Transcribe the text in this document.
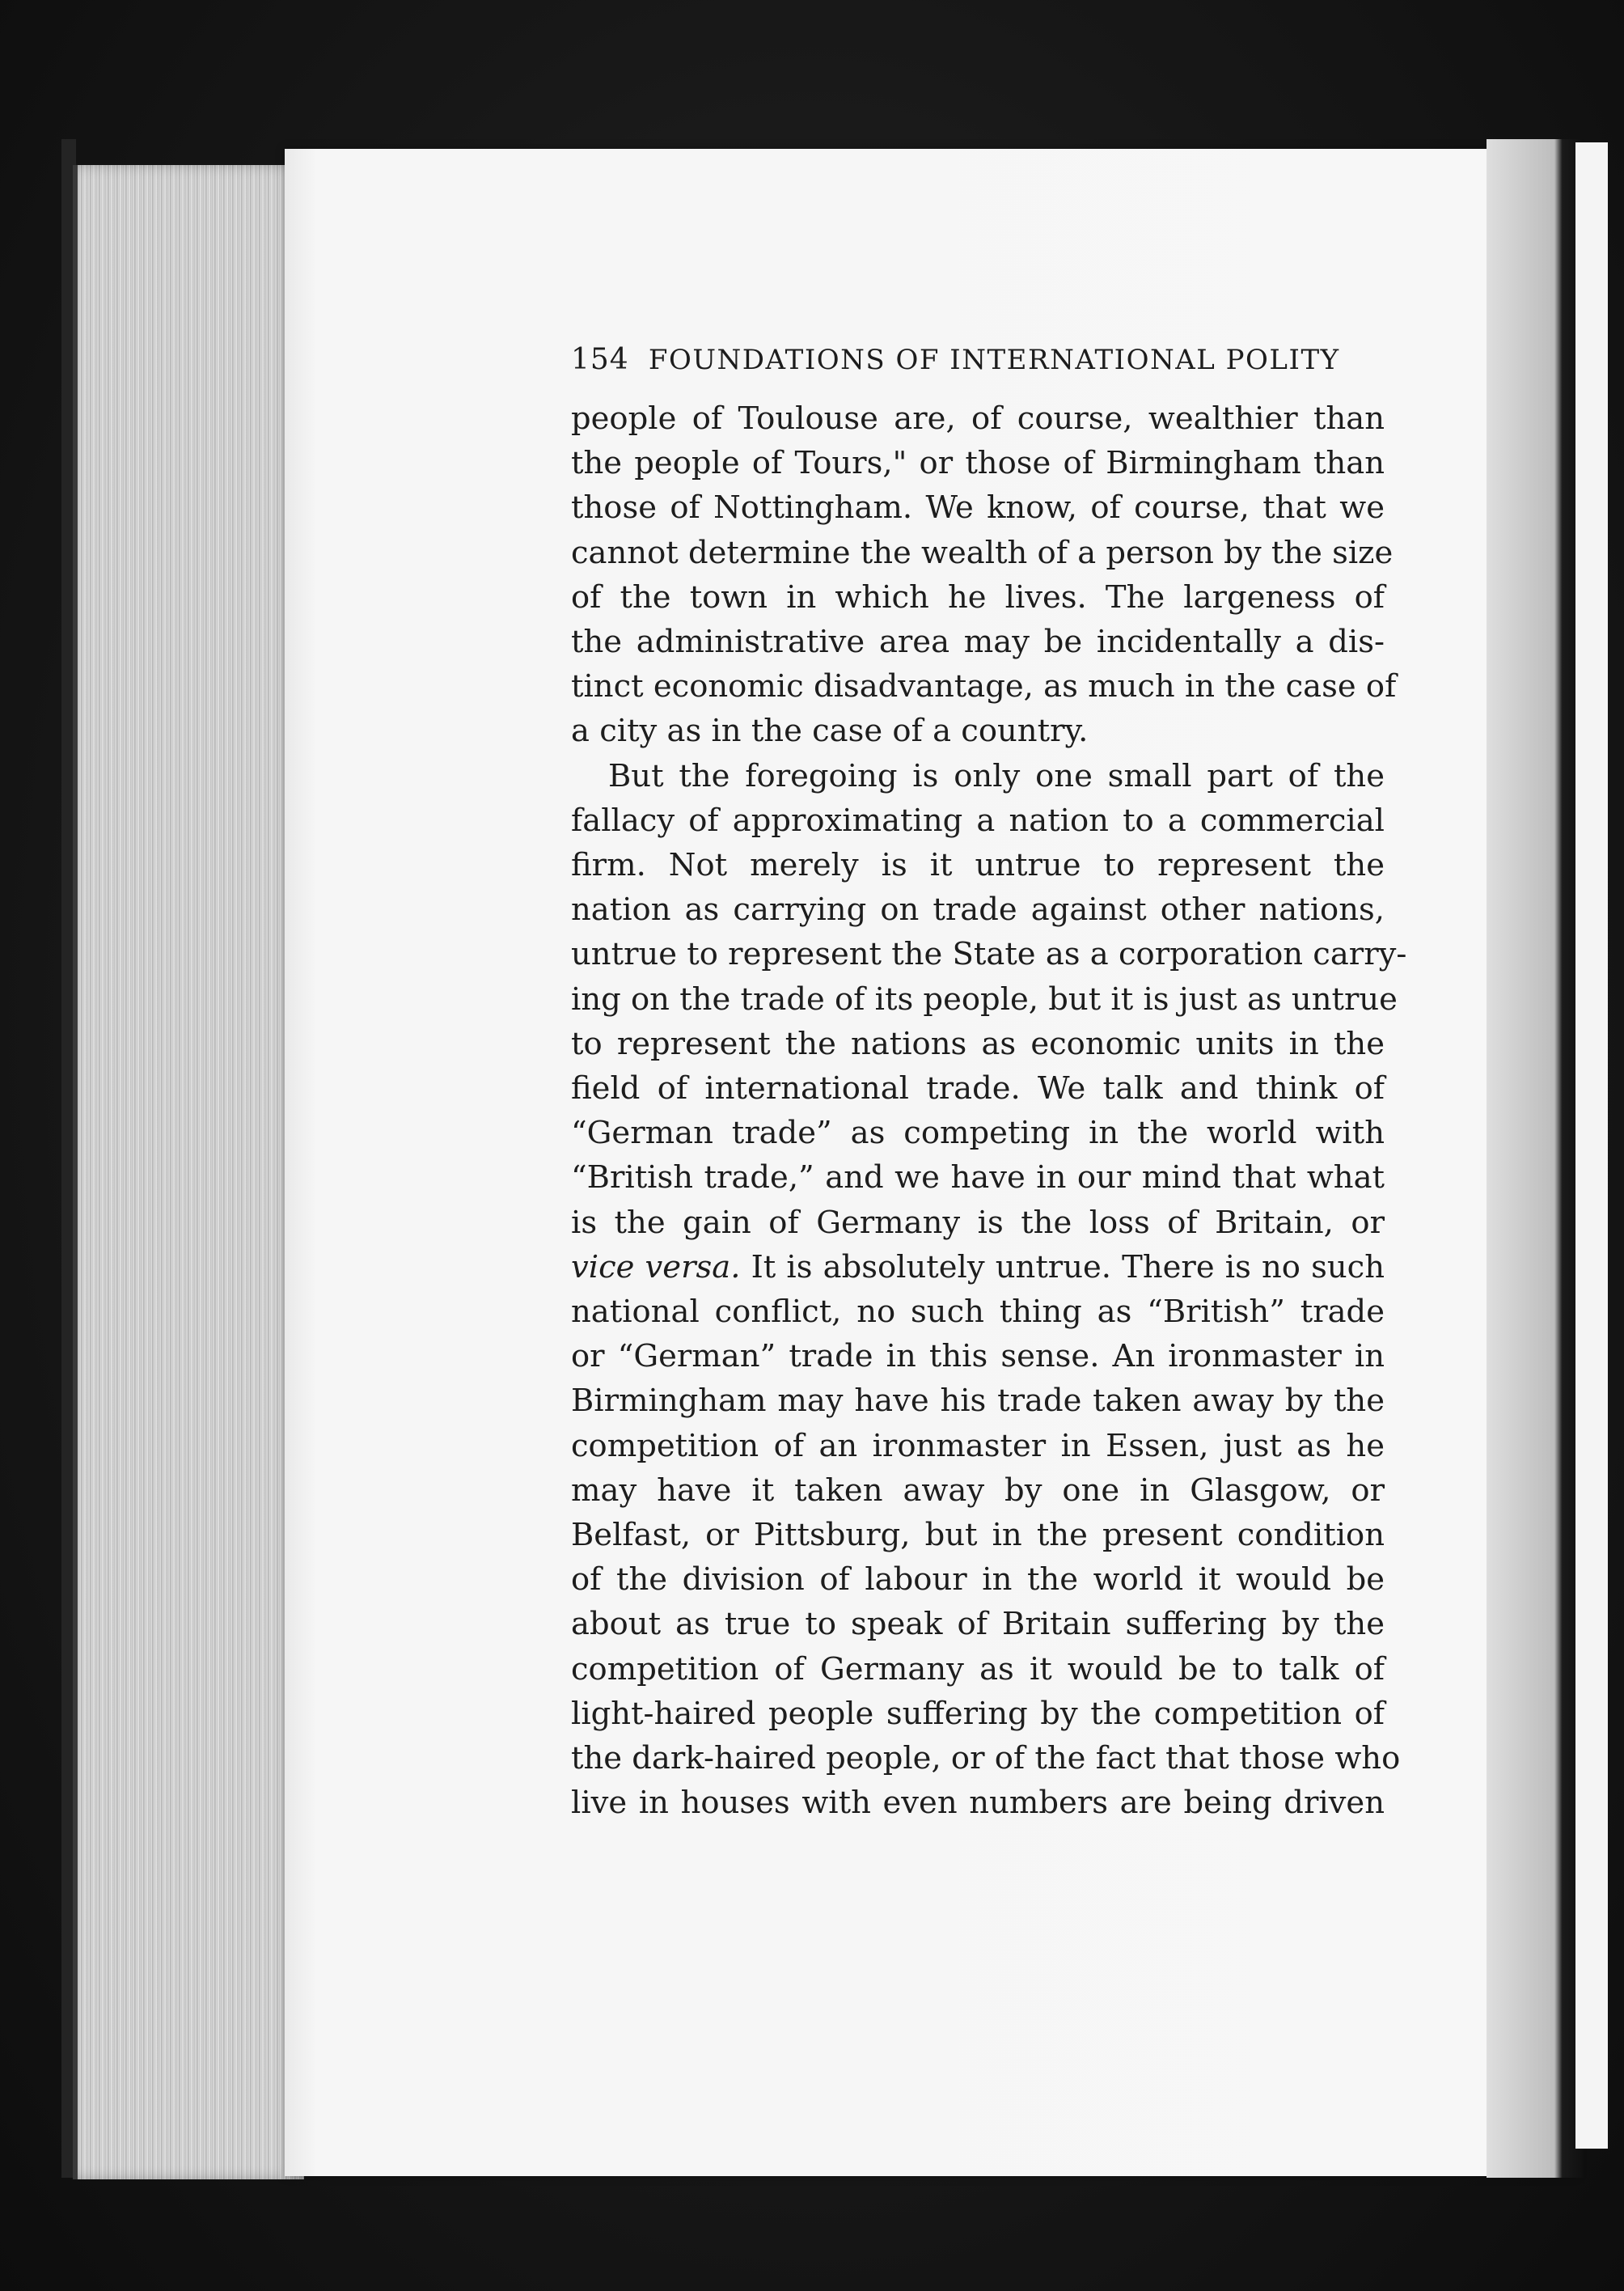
154 FOUNDATIONS OF INTERNATIONAL POLITY

people of Toulouse are, of course, wealthier than
the people of Tours," or those of Birmingham than
those of Nottingham. We know, of course, that we
cannot determine the wealth of a person by the size
of the town in which he lives. The largeness of
the administrative area may be incidentally a dis-
tinct economic disadvantage, as much in the case of
a city as in the case of a country.

But the foregoing is only one small part of the
fallacy of approximating a nation to a commercial
firm. Not merely is it untrue to represent the
nation as carrying on trade against other nations,
untrue to represent the State as a corporation carry-
ing on the trade of its people, but it is just as untrue
to represent the nations as economic units in the
field of international trade. We talk and think of
“German trade” as competing in the world with
“British trade,” and we have in our mind that what
is the gain of Germany is the loss of Britain, or
vice versa. It is absolutely untrue. There is no such
national conflict, no such thing as “British” trade
or “German” trade in this sense. An ironmaster in
Birmingham may have his trade taken away by the
competition of an ironmaster in Essen, just as he
may have it taken away by one in Glasgow, or
Belfast, or Pittsburg, but in the present condition
of the division of labour in the world it would be
about as true to speak of Britain suffering by the
competition of Germany as it would be to talk of
light-haired people suffering by the competition of
the dark-haired people, or of the fact that those who
live in houses with even numbers are being driven
